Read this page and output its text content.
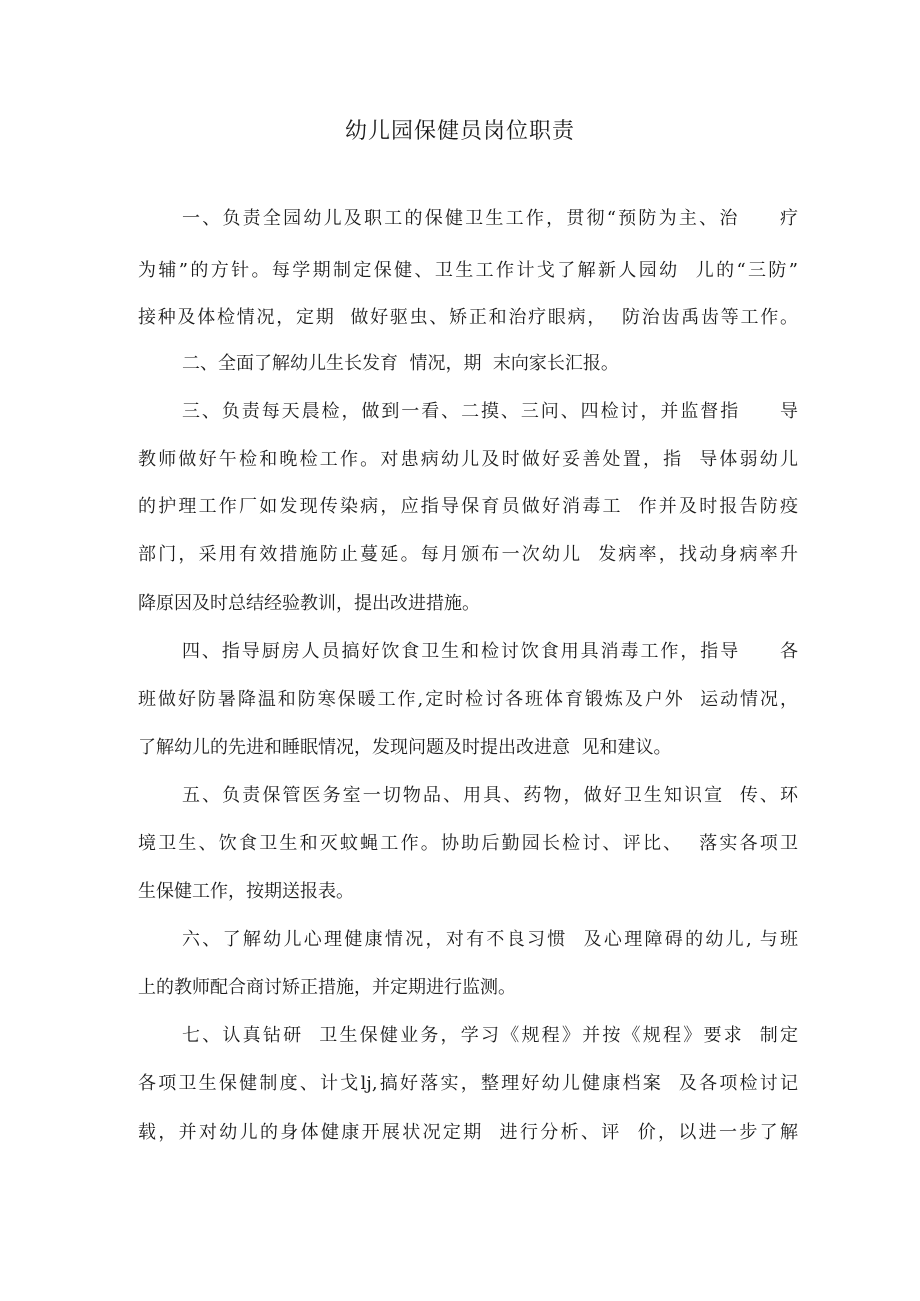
幼儿园保健员岗位职责
一、负责全园幼儿及职工的保健卫生工作，贯彻“预防为主、治　　疗
为辅”的方针。每学期制定保健、卫生工作计戈了解新人园幼  儿的“三防”
接种及体检情况，定期  做好驱虫、矫正和治疗眼病，  防治齿禹齿等工作。
二、全面了解幼儿生长发育  情况，期  末向家长汇报。
三、负责每天晨检，做到一看、二摸、三问、四检讨，并监督指　　导
教师做好午检和晚检工作。对患病幼儿及时做好妥善处置，指  导体弱幼儿
的护理工作厂如发现传染病，应指导保育员做好消毒工  作并及时报告防疫
部门，采用有效措施防止蔓延。每月颁布一次幼儿  发病率，找动身病率升
降原因及时总结经验教训，提出改进措施。
四、指导厨房人员搞好饮食卫生和检讨饮食用具消毒工作，指导　　各
班做好防暑降温和防寒保暖工作,定时检讨各班体育锻炼及户外  运动情况，
了解幼儿的先进和睡眠情况，发现问题及时提出改进意  见和建议。
五、负责保管医务室一切物品、用具、药物，做好卫生知识宣  传、环
境卫生、饮食卫生和灭蚊蝇工作。协助后勤园长检讨、评比、  落实各项卫
生保健工作，按期送报表。
六、了解幼儿心理健康情况，对有不良习惯  及心理障碍的幼儿, 与班
上的教师配合商讨矫正措施，并定期进行监测。
七、认真钻研  卫生保健业务，学习《规程》并按《规程》要求  制定
各项卫生保健制度、计戈lj,搞好落实，整理好幼儿健康档案  及各项检讨记
载，并对幼儿的身体健康开展状况定期  进行分析、评  价，以进一步了解
